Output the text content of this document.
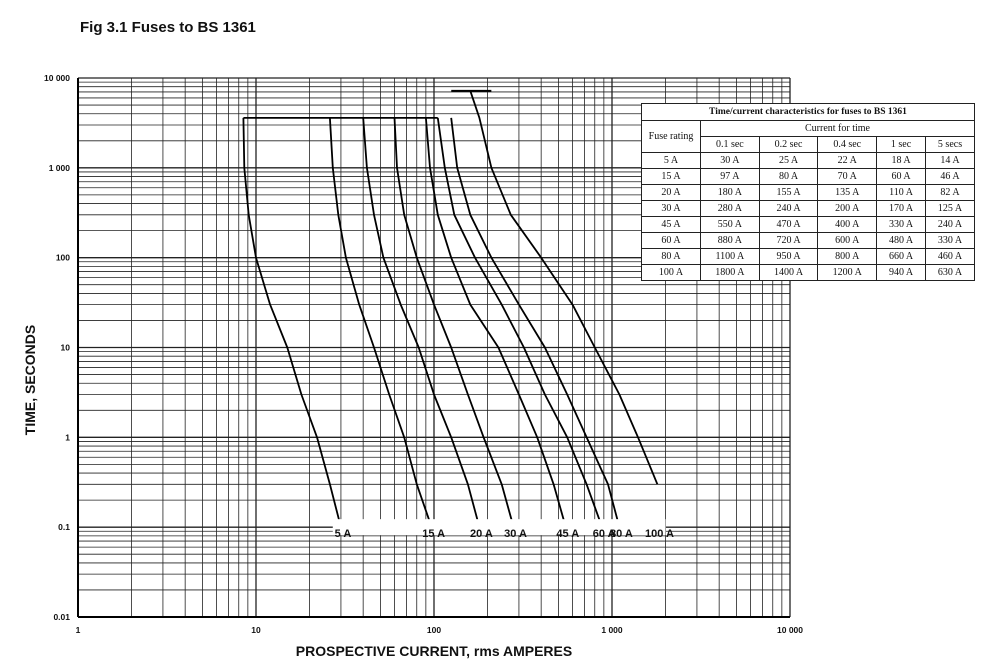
Fig 3.1 Fuses to BS 1361
TIME, SECONDS
PROSPECTIVE CURRENT, rms AMPERES
1	10	100	1 000	10 000
0.01
0.1
1
10
100
1 000
10 000
5 A	15 A 20 A 30 A	45 A 60 A
80 A 100 A
Time/current characteristics for fuses to BS 1361					
Fuse rating	Current for time				
	0.1 sec	0.2 sec	0.4 sec	1 sec	5 secs
5 A	30 A	25 A	22 A	18 A	14 A
15 A	97 A	80 A	70 A	60 A	46 A
20 A	180 A	155 A	135 A	110 A	82 A
30 A	280 A	240 A	200 A	170 A	125 A
45 A	550 A	470 A	400 A	330 A	240 A
60 A	880 A	720 A	600 A	480 A	330 A
80 A	1100 A	950 A	800 A	660 A	460 A
100 A	1800 A	1400 A	1200 A	940 A	630 A
